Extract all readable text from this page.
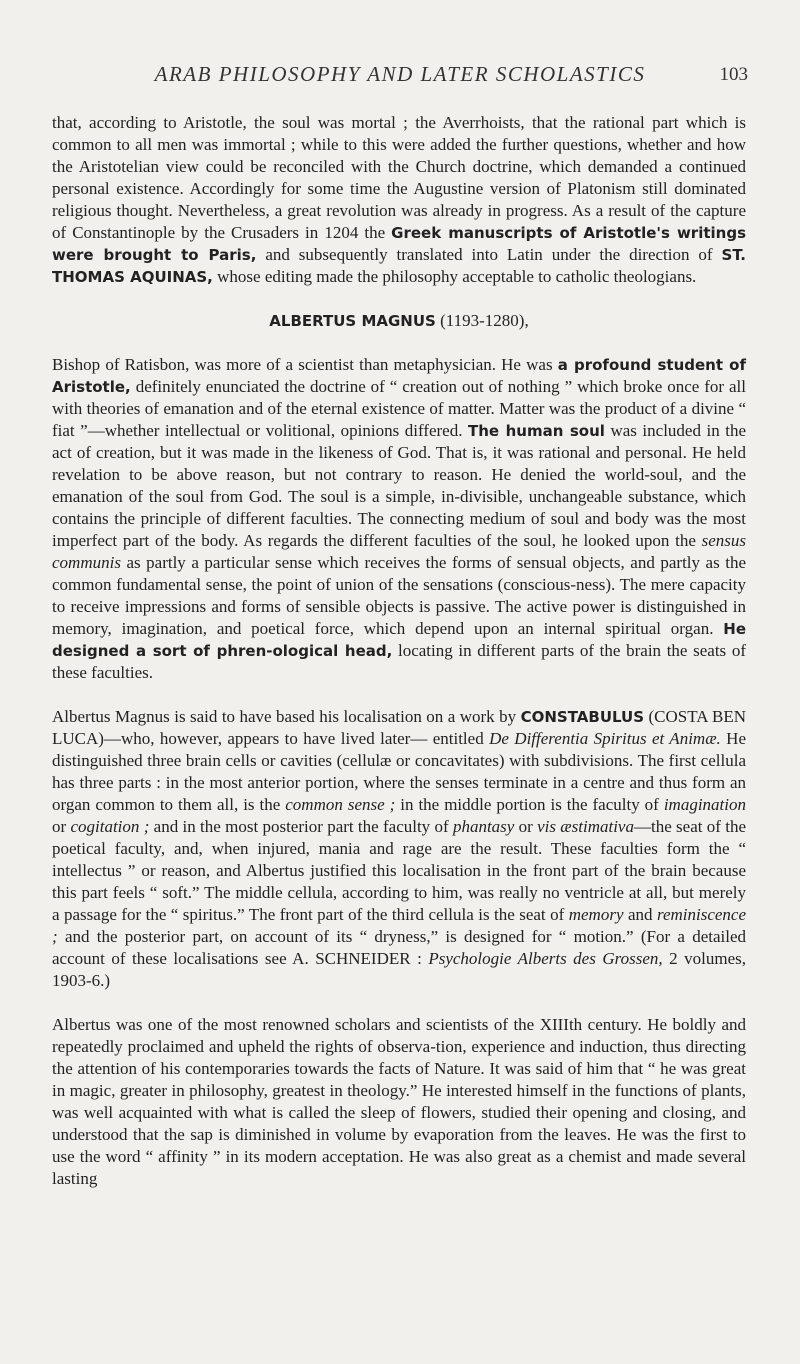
ARAB PHILOSOPHY AND LATER SCHOLASTICS	103

that, according to Aristotle, the soul was mortal ; the Averrhoists, that the rational part which is common to all men was immortal ; while to this were added the further questions, whether and how the Aristotelian view could be reconciled with the Church doctrine, which demanded a continued personal existence. Accordingly for some time the Augustine version of Platonism still dominated religious thought. Nevertheless, a great revolution was already in progress. As a result of the capture of Constantinople by the Crusaders in 1204 the Greek manuscripts of Aristotle's writings were brought to Paris, and subsequently translated into Latin under the direction of ST. THOMAS AQUINAS, whose editing made the philosophy acceptable to catholic theologians.

ALBERTUS MAGNUS (1193-1280),

Bishop of Ratisbon, was more of a scientist than metaphysician. He was a profound student of Aristotle, definitely enunciated the doctrine of “ creation out of nothing ” which broke once for all with theories of emanation and of the eternal existence of matter. Matter was the product of a divine “ fiat ”—whether intellectual or volitional, opinions differed. The human soul was included in the act of creation, but it was made in the likeness of God. That is, it was rational and personal. He held revelation to be above reason, but not contrary to reason. He denied the world-soul, and the emanation of the soul from God. The soul is a simple, in-divisible, unchangeable substance, which contains the principle of different faculties. The connecting medium of soul and body was the most imperfect part of the body. As regards the different faculties of the soul, he looked upon the sensus communis as partly a particular sense which receives the forms of sensual objects, and partly as the common fundamental sense, the point of union of the sensations (conscious-ness). The mere capacity to receive impressions and forms of sensible objects is passive. The active power is distinguished in memory, imagination, and poetical force, which depend upon an internal spiritual organ. He designed a sort of phren-ological head, locating in different parts of the brain the seats of these faculties.

Albertus Magnus is said to have based his localisation on a work by CONSTABULUS (COSTA BEN LUCA)—who, however, appears to have lived later— entitled De Differentia Spiritus et Animæ. He distinguished three brain cells or cavities (cellulæ or concavitates) with subdivisions. The first cellula has three parts : in the most anterior portion, where the senses terminate in a centre and thus form an organ common to them all, is the common sense ; in the middle portion is the faculty of imagination or cogitation ; and in the most posterior part the faculty of phantasy or vis æstimativa—the seat of the poetical faculty, and, when injured, mania and rage are the result. These faculties form the “ intellectus ” or reason, and Albertus justified this localisation in the front part of the brain because this part feels “ soft.” The middle cellula, according to him, was really no ventricle at all, but merely a passage for the “ spiritus.” The front part of the third cellula is the seat of memory and reminiscence ; and the posterior part, on account of its “ dryness,” is designed for “ motion.” (For a detailed account of these localisations see A. SCHNEIDER : Psychologie Alberts des Grossen, 2 volumes, 1903-6.)

Albertus was one of the most renowned scholars and scientists of the XIIIth century. He boldly and repeatedly proclaimed and upheld the rights of observa-tion, experience and induction, thus directing the attention of his contemporaries towards the facts of Nature. It was said of him that “ he was great in magic, greater in philosophy, greatest in theology.” He interested himself in the functions of plants, was well acquainted with what is called the sleep of flowers, studied their opening and closing, and understood that the sap is diminished in volume by evaporation from the leaves. He was the first to use the word “ affinity ” in its modern acceptation. He was also great as a chemist and made several lasting
